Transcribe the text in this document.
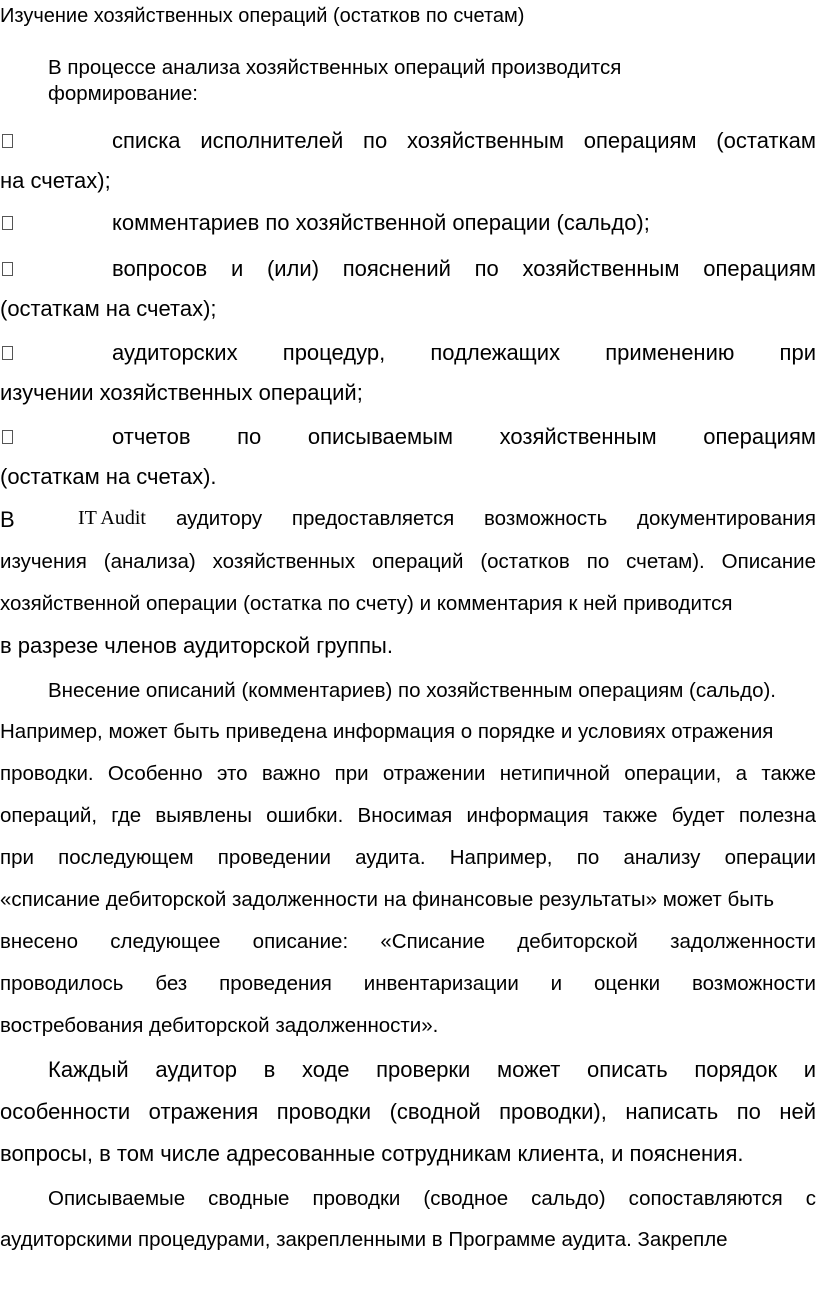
Изучение хозяйственных операций (остатков по счетам)

В процессе анализа хозяйственных операций производится

формирование:

списка исполнителей по хозяйственным операциям (остаткам

на счетах);

комментариев по хозяйственной операции (сальдо);
вопросов и (или) пояснений по хозяйственным операциям

(остаткам на счетах);

аудиторских процедур, подлежащих применению при

изучении хозяйственных операций;

отчетов по описываемым хозяйственным операциям

(остаткам на счетах).

В	IT Audit аудитору предоставляется возможность документирования

изучения (анализа) хозяйственных операций (остатков по счетам). Описание

хозяйственной операции (остатка по счету) и комментария к ней приводится

в разрезе членов аудиторской группы.

Внесение описаний (комментариев) по хозяйственным операциям (сальдо).

Например, может быть приведена информация о порядке и условиях отражения

проводки. Особенно это важно при отражении нетипичной операции, а также

операций, где выявлены ошибки. Вносимая информация также будет полезна

при последующем проведении аудита. Например, по анализу операции

«списание дебиторской задолженности на финансовые результаты» может быть

внесено следующее описание: «Списание дебиторской задолженности

проводилось без проведения инвентаризации и оценки возможности

востребования дебиторской задолженности».

Каждый аудитор в ходе проверки может описать порядок и

особенности отражения проводки (сводной проводки), написать по ней

вопросы, в том числе адресованные сотрудникам клиента, и пояснения.

Описываемые сводные проводки (сводное сальдо) сопоставляются с

аудиторскими процедурами, закрепленными в Программе аудита. Закрепле
